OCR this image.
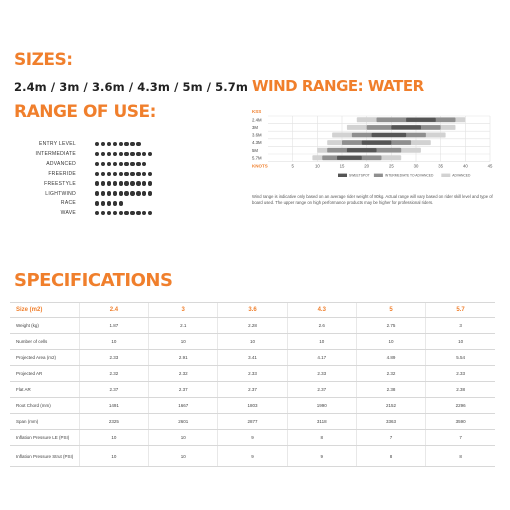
SIZES:
2.4m / 3m / 3.6m / 4.3m / 5m / 5.7m
RANGE OF USE:
WIND RANGE: WATER
ENTRY LEVEL
INTERMEDIATE
ADVANCED
FREERIDE
FREESTYLE
LIGHTWIND
RACE
WAVE
KSS
2.4M
3M
3.6M
4.3M
5M
5.7M
KNOTS	5	10	15	20	25	30	35	40	45
SWEETSPOT	INTERMEDIATE TO ADVANCED	ADVANCED
Wind range is indicative only based on an average rider weight of 80kg. Actual range will vary based on rider skill level and type of board used. The upper range on high performance products may be higher for professional riders.
SPECIFICATIONS
Size (m2)	2.4	3	3.6	4.3	5	5.7
Weight (kg)	1.87	2.1	2.28	2.6	2.75	3
Number of cells	10	10	10	10	10	10
Projected Area (m2)	2.33	2.91	3.41	4.17	4.89	5.54
Projected AR	2.32	2.32	2.33	2.33	2.32	2.33
Flat AR	2.37	2.37	2.37	2.37	2.38	2.38
Root Chord (mm)	1491	1667	1803	1990	2152	2296
Span (mm)	2325	2601	2877	3118	3363	3590
Inflation Pressure LE (PSI)	10	10	9	8	7	7
Inflation Pressure Strut (PSI)	10	10	9	9	8	8
